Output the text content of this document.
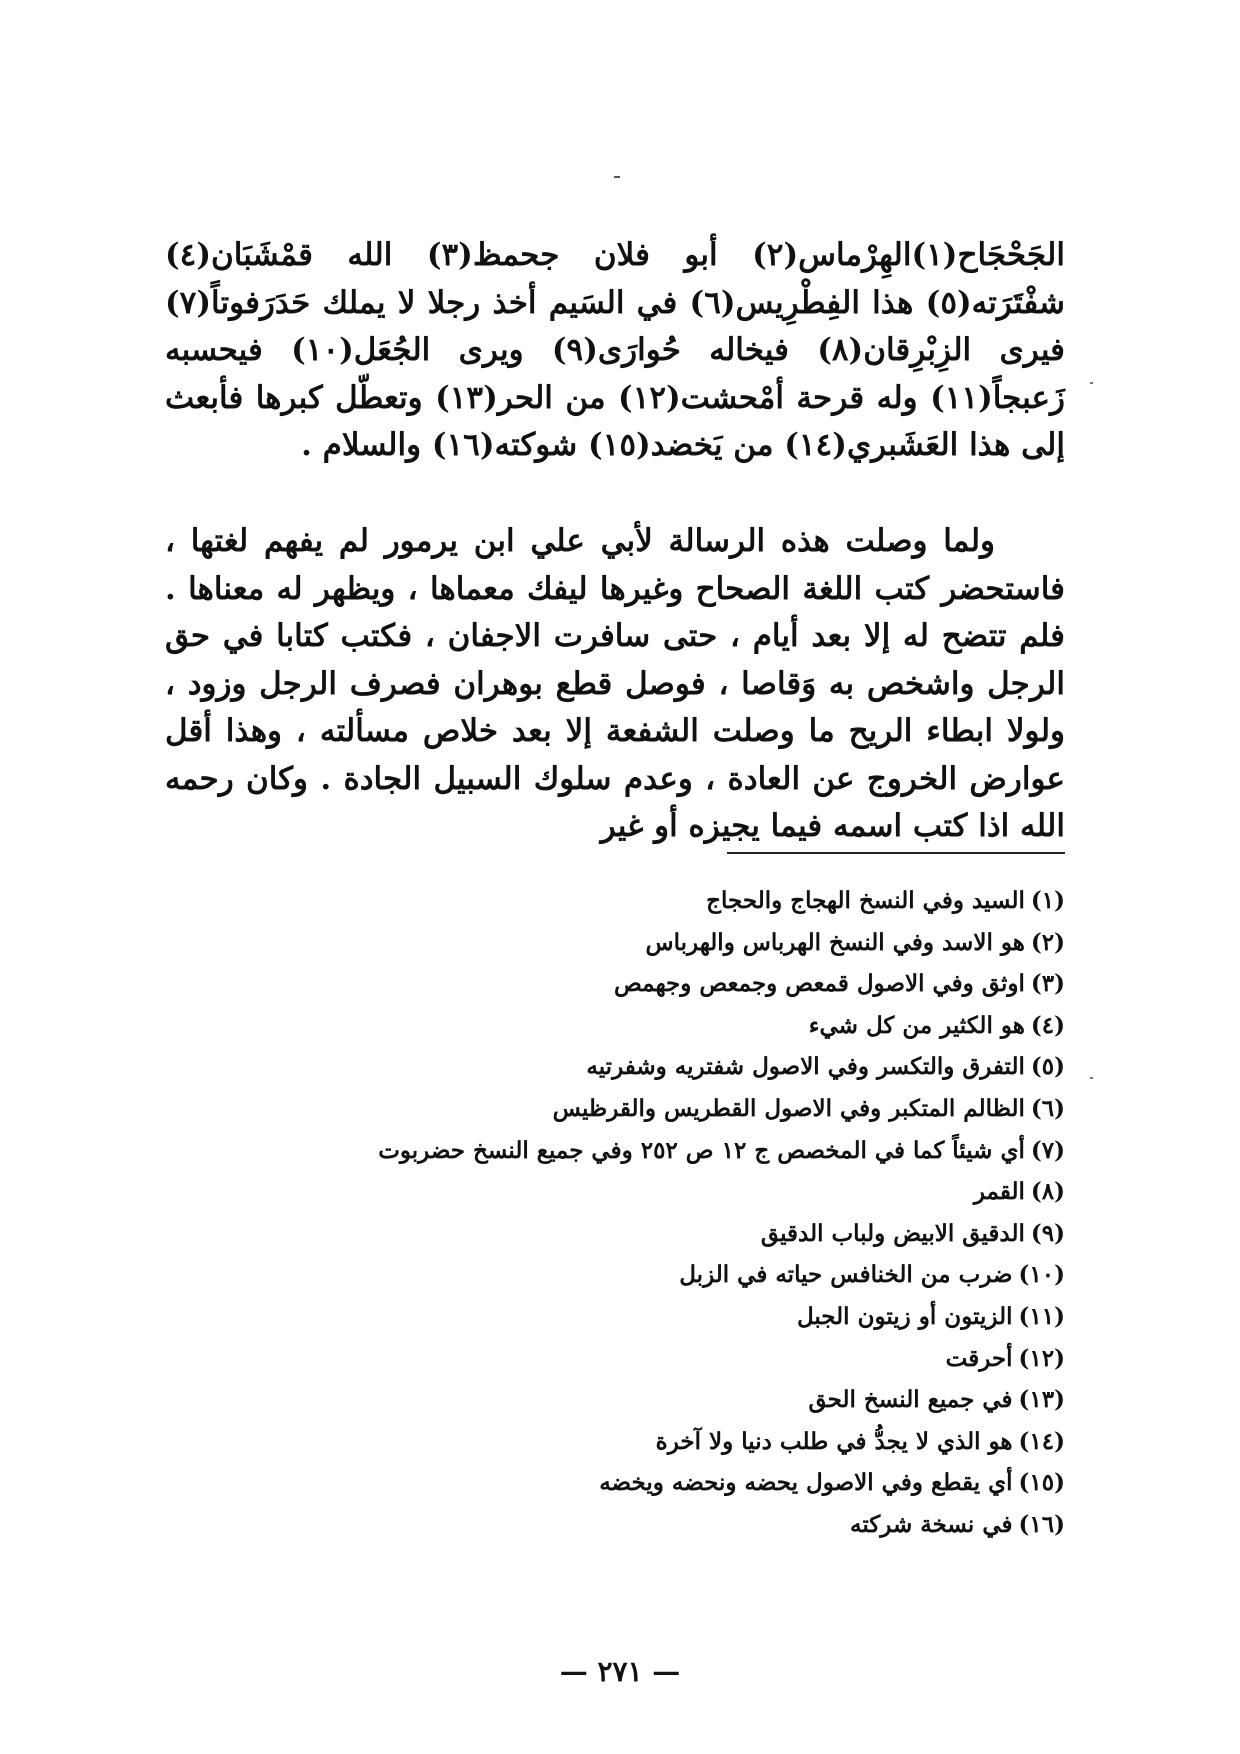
الجَحْجَاح(١)الهِرْماس(٢) أبو فلان جحمظ(٣) الله قمْشَبَان(٤) شفْتَرَته(٥) هذا الفِطْرِيس(٦) في السَيم أخذ رجلا لا يملك حَدَرَفوتاً(٧) فيرى الزِبْرِقان(٨) فيخاله حُوارَى(٩) ويرى الجُعَل(١٠) فيحسبه زَعبجاً(١١) وله قرحة أمْحشت(١٢) من الحر(١٣) وتعطّل كبرها فأبعث إلى هذا العَشَبري(١٤) من يَخضد(١٥) شوكته(١٦) والسلام .

ولما وصلت هذه الرسالة لأبي علي ابن يرمور لم يفهم لغتها ، فاستحضر كتب اللغة الصحاح وغيرها ليفك معماها ، ويظهر له معناها . فلم تتضح له إلا بعد أيام ، حتى سافرت الاجفان ، فكتب كتابا في حق الرجل واشخص به وَقاصا ، فوصل قطع بوهران فصرف الرجل وزود ، ولولا ابطاء الريح ما وصلت الشفعة إلا بعد خلاص مسألته ، وهذا أقل عوارض الخروج عن العادة ، وعدم سلوك السبيل الجادة . وكان رحمه الله اذا كتب اسمه فيما يجيزه أو غير

(١)السيد وفي النسخ الهجاج والحجاج
(٢)هو الاسد وفي النسخ الهرباس والهرباس
(٣)اوثق وفي الاصول قمعص وجمعص وجهمص
(٤)هو الكثير من كل شيء
(٥)التفرق والتكسر وفي الاصول شفتريه وشفرتيه
(٦)الظالم المتكبر وفي الاصول القطريس والقرظيس
(٧)أي شيئاً كما في المخصص ج ١٢ ص ٢٥٢ وفي جميع النسخ حضربوت
(٨)القمر
(٩)الدقيق الابيض ولباب الدقيق
(١٠)ضرب من الخنافس حياته في الزبل
(١١)الزيتون أو زيتون الجبل
(١٢)أحرقت
(١٣)في جميع النسخ الحق
(١٤)هو الذي لا يجدُّ في طلب دنيا ولا آخرة
(١٥)أي يقطع وفي الاصول يحضه ونحضه ويخضه
(١٦)في نسخة شركته
— ٢٧١ —
